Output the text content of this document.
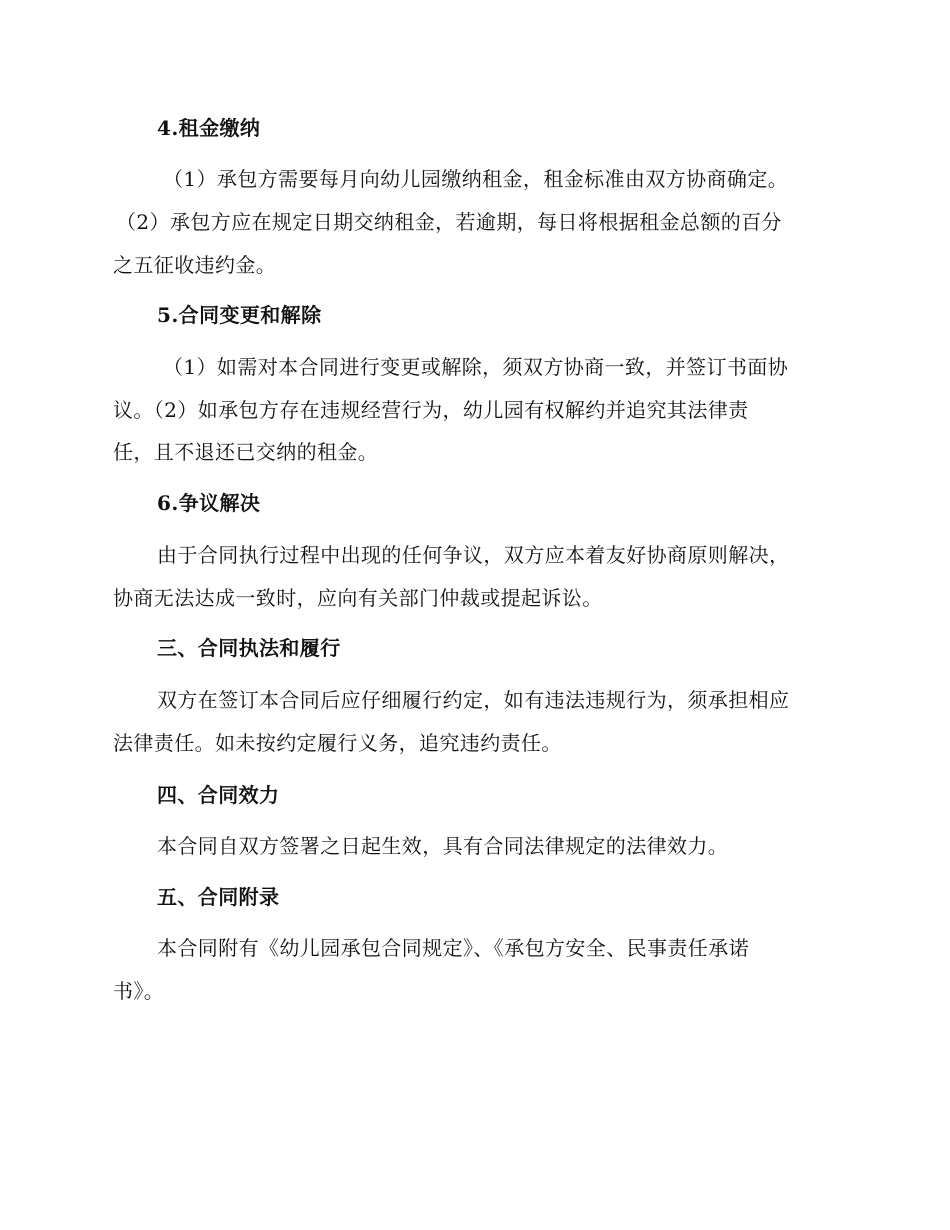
4.租金缴纳
（1）承包方需要每月向幼儿园缴纳租金，租金标准由双方协商确定。
（2）承包方应在规定日期交纳租金，若逾期，每日将根据租金总额的百分
之五征收违约金。
5.合同变更和解除
（1）如需对本合同进行变更或解除，须双方协商一致，并签订书面协
议。（2）如承包方存在违规经营行为，幼儿园有权解约并追究其法律责
任，且不退还已交纳的租金。
6.争议解决
由于合同执行过程中出现的任何争议，双方应本着友好协商原则解决，
协商无法达成一致时，应向有关部门仲裁或提起诉讼。
三、合同执法和履行
双方在签订本合同后应仔细履行约定，如有违法违规行为，须承担相应
法律责任。如未按约定履行义务，追究违约责任。
四、合同效力
本合同自双方签署之日起生效，具有合同法律规定的法律效力。
五、合同附录
本合同附有《幼儿园承包合同规定》、《承包方安全、民事责任承诺
书》。
